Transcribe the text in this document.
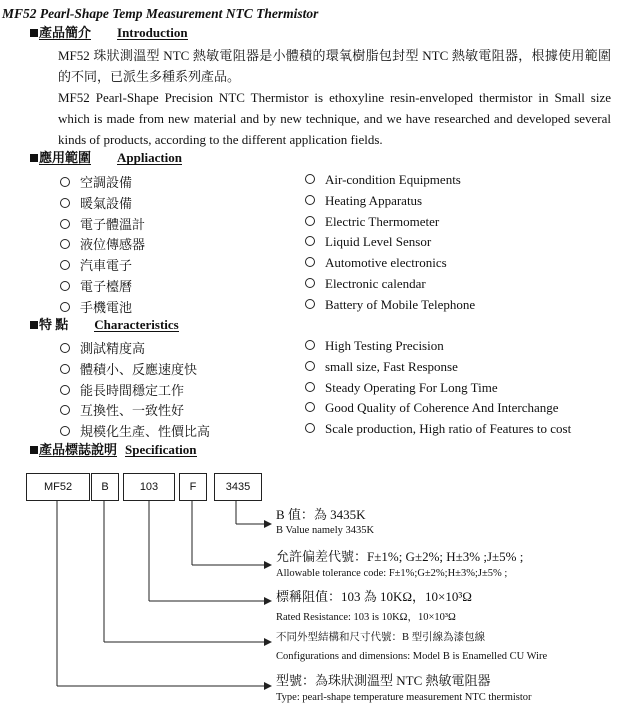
MF52 Pearl-Shape Temp Measurement NTC Thermistor
產品簡介 Introduction
MF52 珠狀測溫型 NTC 熱敏電阻器是小體積的環氧樹脂包封型 NTC 熱敏電阻器，根據使用範圍的不同，已派生多種系列產品。
MF52 Pearl-Shape Precision NTC Thermistor is ethoxyline resin-enveloped thermistor in Small size which is made from new material and by new technique, and we have researched and developed several kinds of products, according to the different application fields.
應用範圍 Appliaction
空調設備
暖氣設備
電子體溫計
液位傳感器
汽車電子
電子檯曆
手機電池
Air-condition Equipments
Heating Apparatus
Electric Thermometer
Liquid Level Sensor
Automotive electronics
Electronic calendar
Battery of Mobile Telephone
特 點 Characteristics
測試精度高
體積小、反應速度快
能長時間穩定工作
互換性、一致性好
規模化生產、性價比高
High Testing Precision
small size, Fast Response
Steady Operating For Long Time
Good Quality of Coherence And Interchange
Scale production, High ratio of Features to cost
產品標誌說明 Specification
MF52	B	103	F	3435
B 值：為 3435K
B Value namely 3435K
允許偏差代號：F±1%; G±2%; H±3% ;J±5% ;
Allowable tolerance code: F±1%;G±2%;H±3%;J±5% ;
標稱阻值：103 為 10KΩ，10×10³Ω
Rated Resistance: 103 is 10KΩ，10×10³Ω
不同外型結構和尺寸代號：B 型引線為漆包線
Configurations and dimensions: Model B is Enamelled CU Wire
型號：為珠狀測溫型 NTC 熱敏電阻器
Type: pearl-shape temperature measurement NTC thermistor
